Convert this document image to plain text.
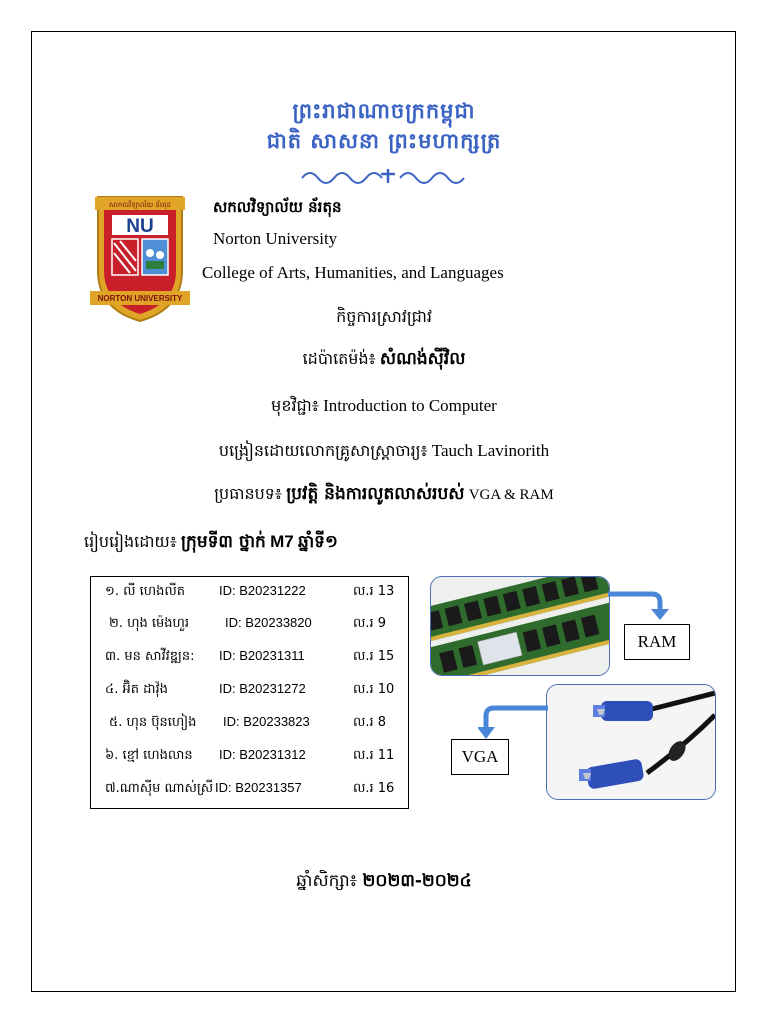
ព្រះរាជាណាចក្រកម្ពុជា
ជាតិ សាសនា ព្រះមហាក្សត្រ
សាកលវិទ្យាល័យ ន័រតុន
NU
NORTON UNIVERSITY
សកលវិទ្យាល័យ ន័រតុន
Norton University
College of Arts, Humanities, and Languages
កិច្ចការស្រាវជ្រាវ
ដេប៉ាតេម៉ង់៖ សំណង់ស៊ីវិល
មុខវិជ្ជា៖ Introduction to Computer
បង្រៀនដោយលោកគ្រូសាស្ត្រាចារ្យ៖ Tauch Lavinorith
ប្រធានបទ៖ ប្រវត្តិ និងការលូតលាស់របស់ VGA & RAM
រៀបរៀងដោយ៖ ក្រុមទី៣ ថ្នាក់ M7 ឆ្នាំទី១
១. លី ហេងលីត	ID: B20231222	ល.រ 13
២. ហុង ម៉េងហួរ	ID: B20233820	ល.រ 9
៣. មន សាវីវឌ្ឍន: ID: B20231311	ល.រ 15
៤. អ៊ិត ដាវ៉ុង	ID: B20231272	ល.រ 10
៥. ហុន ប៊ុនហៀង ID: B20233823	ល.រ 8
៦. ខ្មៅ ហេងលាន ID: B20231312	ល.រ 11
៧.ណាស៊ីម ណាស់ស្រី ID: B20231357	ល.រ 16
RAM
VGA
ឆ្នាំសិក្សា៖ ២០២៣-២០២៤
